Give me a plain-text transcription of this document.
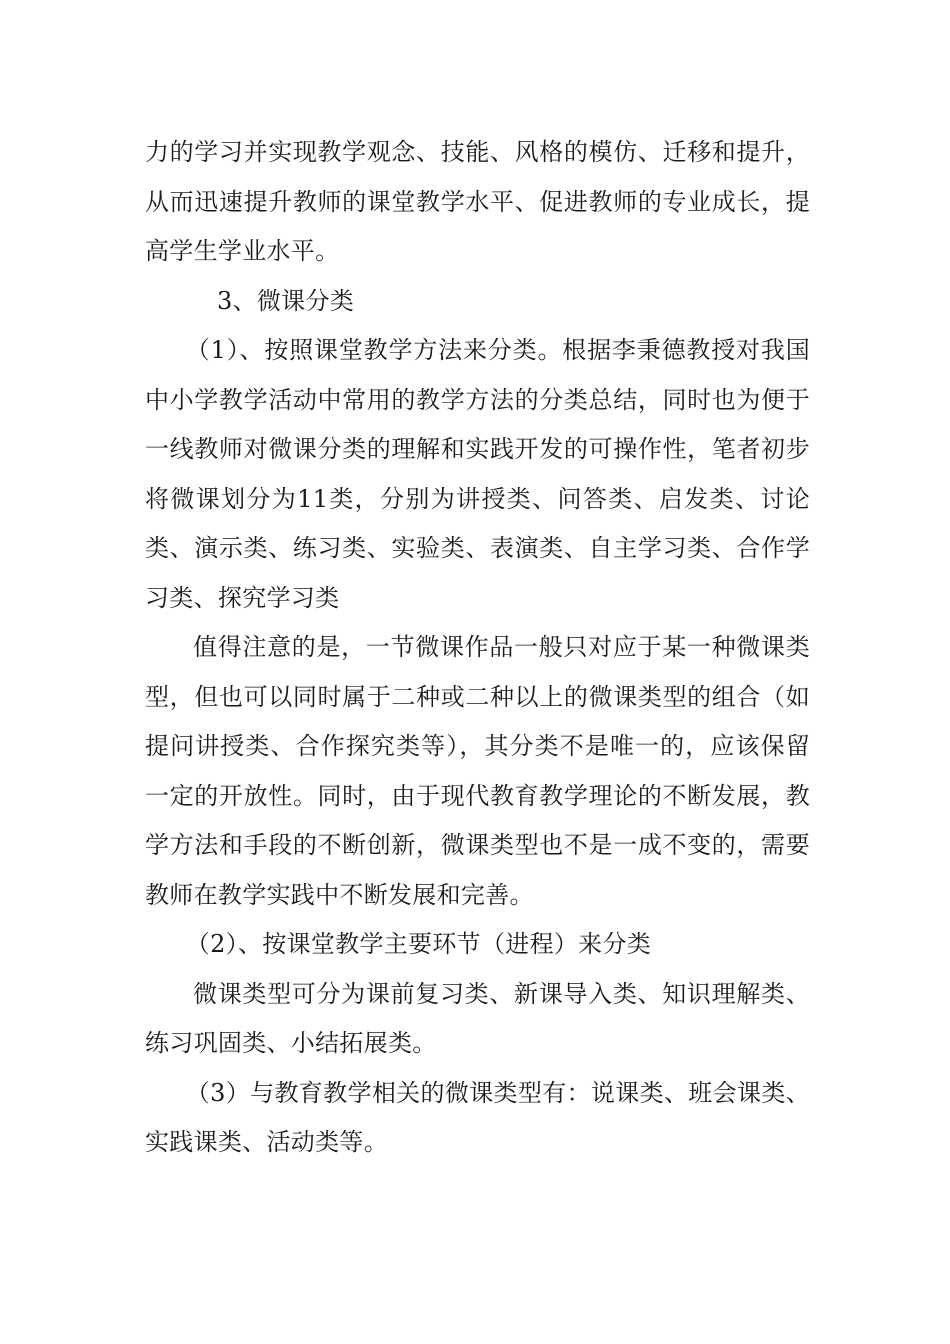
力的学习并实现教学观念、技能、风格的模仿、迁移和提升，从而迅速提升教师的课堂教学水平、促进教师的专业成长，提高学生学业水平。

3、微课分类

（1）、按照课堂教学方法来分类。根据李秉德教授对我国中小学教学活动中常用的教学方法的分类总结，同时也为便于一线教师对微课分类的理解和实践开发的可操作性，笔者初步将微课划分为11类，分别为讲授类、问答类、启发类、讨论类、演示类、练习类、实验类、表演类、自主学习类、合作学习类、探究学习类

值得注意的是，一节微课作品一般只对应于某一种微课类型，但也可以同时属于二种或二种以上的微课类型的组合（如提问讲授类、合作探究类等），其分类不是唯一的，应该保留一定的开放性。同时，由于现代教育教学理论的不断发展，教学方法和手段的不断创新，微课类型也不是一成不变的，需要教师在教学实践中不断发展和完善。

（2）、按课堂教学主要环节（进程）来分类

微课类型可分为课前复习类、新课导入类、知识理解类、练习巩固类、小结拓展类。

（3）与教育教学相关的微课类型有：说课类、班会课类、实践课类、活动类等。
